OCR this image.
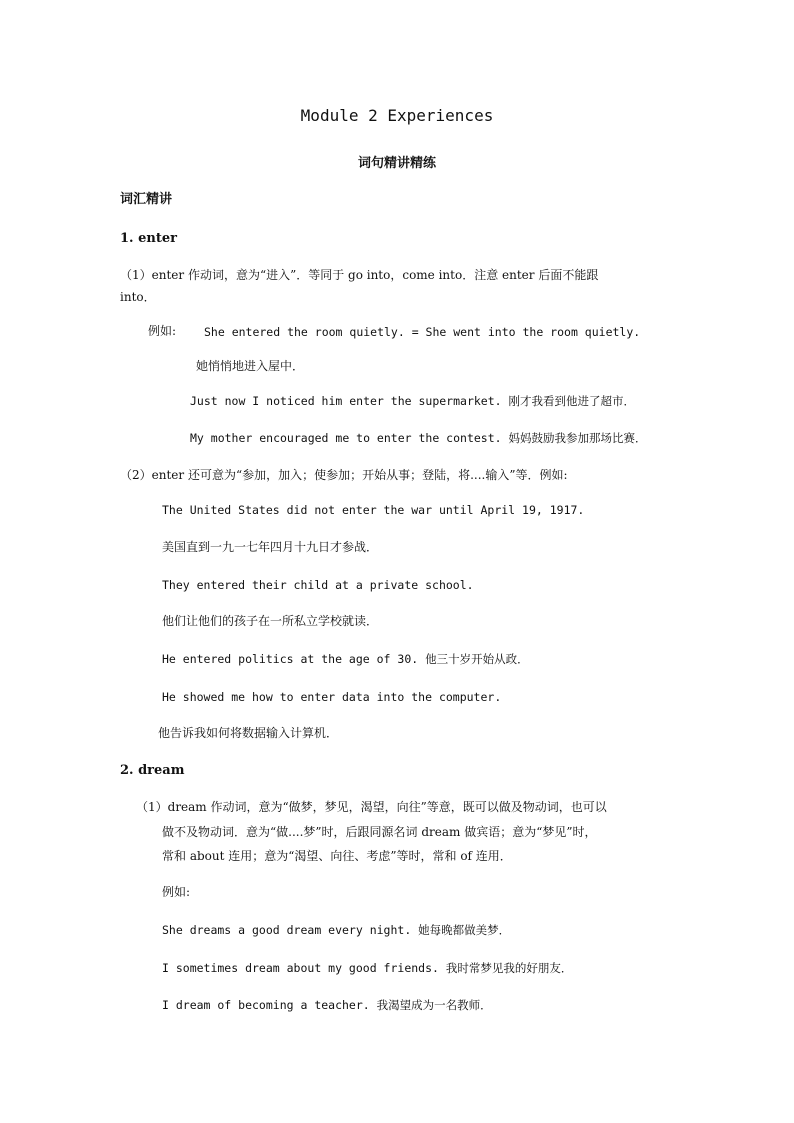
Module 2 Experiences
词句精讲精练
词汇精讲
1. enter
（1）enter 作动词，意为“进入”．等同于 go into，come into．注意 enter 后面不能跟
into．
例如: She entered the room quietly. = She went into the room quietly.
她悄悄地进入屋中．
Just now I noticed him enter the supermarket. 刚才我看到他进了超市．
My mother encouraged me to enter the contest. 妈妈鼓励我参加那场比赛．
（2）enter 还可意为“参加，加入；使参加；开始从事；登陆，将....输入”等．例如:
The United States did not enter the war until April 19, 1917.
美国直到一九一七年四月十九日才参战．
They entered their child at a private school.
他们让他们的孩子在一所私立学校就读．
He entered politics at the age of 30. 他三十岁开始从政．
He showed me how to enter data into the computer.
他告诉我如何将数据输入计算机．
2. dream
（1）dream 作动词，意为“做梦，梦见，渴望，向往”等意，既可以做及物动词，也可以
做不及物动词．意为“做....梦”时，后跟同源名词 dream 做宾语；意为“梦见”时，
常和 about 连用；意为“渴望、向往、考虑”等时，常和 of 连用．
例如:
She dreams a good dream every night. 她每晚都做美梦．
I sometimes dream about my good friends. 我时常梦见我的好朋友．
I dream of becoming a teacher. 我渴望成为一名教师．
